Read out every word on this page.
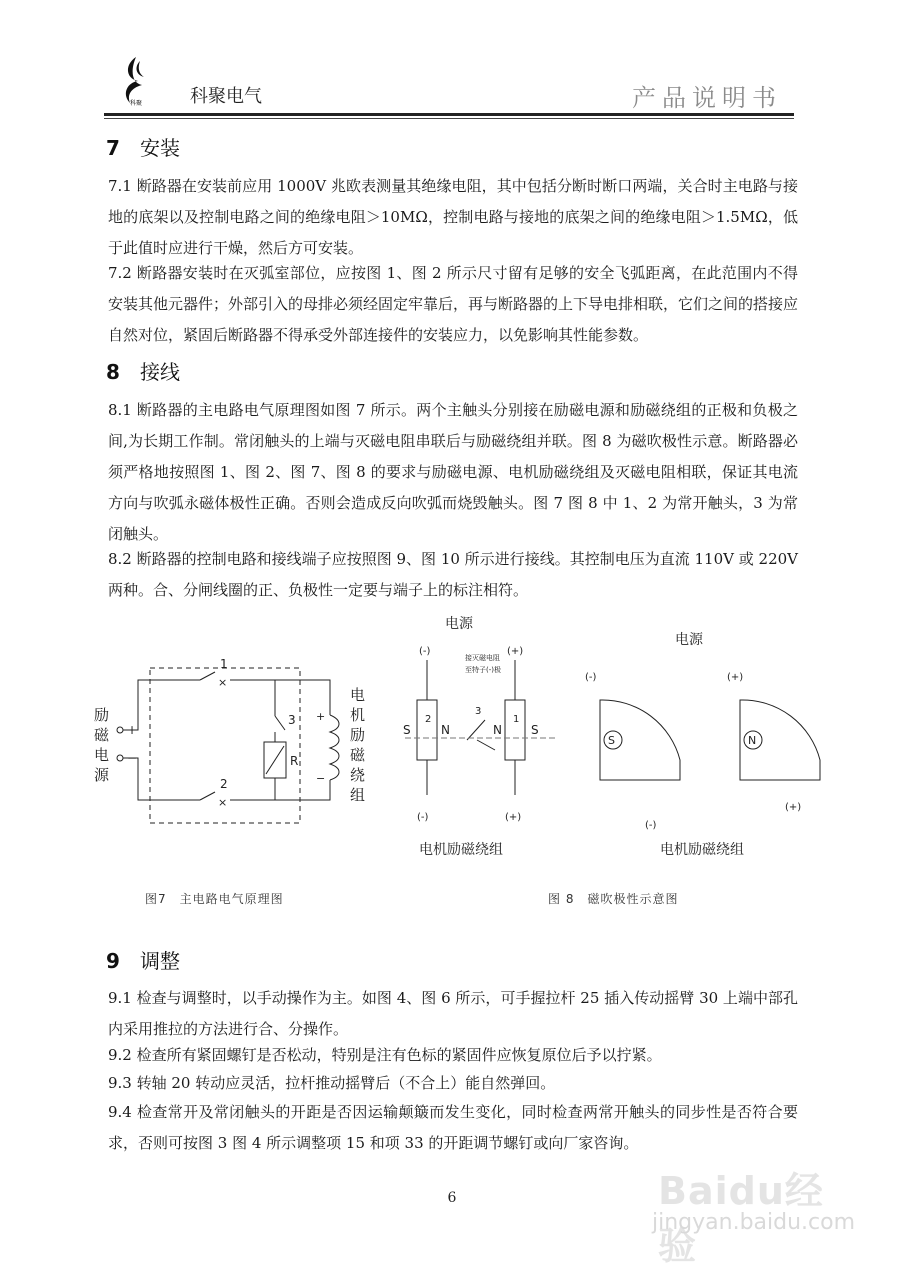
科聚	科聚电气	产品说明书
7 安装
7.1 断路器在安装前应用 1000V 兆欧表测量其绝缘电阻，其中包括分断时断口两端，关合时主电路与接地的底架以及控制电路之间的绝缘电阻＞10MΩ，控制电路与接地的底架之间的绝缘电阻＞1.5MΩ，低于此值时应进行干燥，然后方可安装。
7.2 断路器安装时在灭弧室部位，应按图 1、图 2 所示尺寸留有足够的安全飞弧距离，在此范围内不得安装其他元器件；外部引入的母排必须经固定牢靠后，再与断路器的上下导电排相联，它们之间的搭接应自然对位，紧固后断路器不得承受外部连接件的安装应力，以免影响其性能参数。
8 接线
8.1 断路器的主电路电气原理图如图 7 所示。两个主触头分别接在励磁电源和励磁绕组的正极和负极之间,为长期工作制。常闭触头的上端与灭磁电阻串联后与励磁绕组并联。图 8 为磁吹极性示意。断路器必须严格地按照图 1、图 2、图 7、图 8 的要求与励磁电源、电机励磁绕组及灭磁电阻相联，保证其电流方向与吹弧永磁体极性正确。否则会造成反向吹弧而烧毁触头。图 7 图 8 中 1、2 为常开触头，3 为常闭触头。
8.2 断路器的控制电路和接线端子应按照图 9、图 10 所示进行接线。其控制电压为直流 110V 或 220V 两种。合、分闸线圈的正、负极性一定要与端子上的标注相符。
励
磁
电
源
+
−
×
1
×
2
3
R
+
−
电
机
励
磁
绕
组
图7　主电路电气原理图
电源
电源
(-)	(+)
接灭磁电阻
至特子(-)极
S	N
2
(-)
N S
1
(+)
3
电机励磁绕组
S
(-)
(-)
N
(+)
(+)
电机励磁绕组
图 8　磁吹极性示意图
9 调整
9.1 检查与调整时，以手动操作为主。如图 4、图 6 所示，可手握拉杆 25 插入传动摇臂 30 上端中部孔内采用推拉的方法进行合、分操作。
9.2 检查所有紧固螺钉是否松动，特别是注有色标的紧固件应恢复原位后予以拧紧。
9.3 转轴 20 转动应灵活，拉杆推动摇臂后（不合上）能自然弹回。
9.4 检查常开及常闭触头的开距是否因运输颠簸而发生变化，同时检查两常开触头的同步性是否符合要求，否则可按图 3 图 4 所示调整项 15 和项 33 的开距调节螺钉或向厂家咨询。
6	Baidu经验
jingyan.baidu.com
